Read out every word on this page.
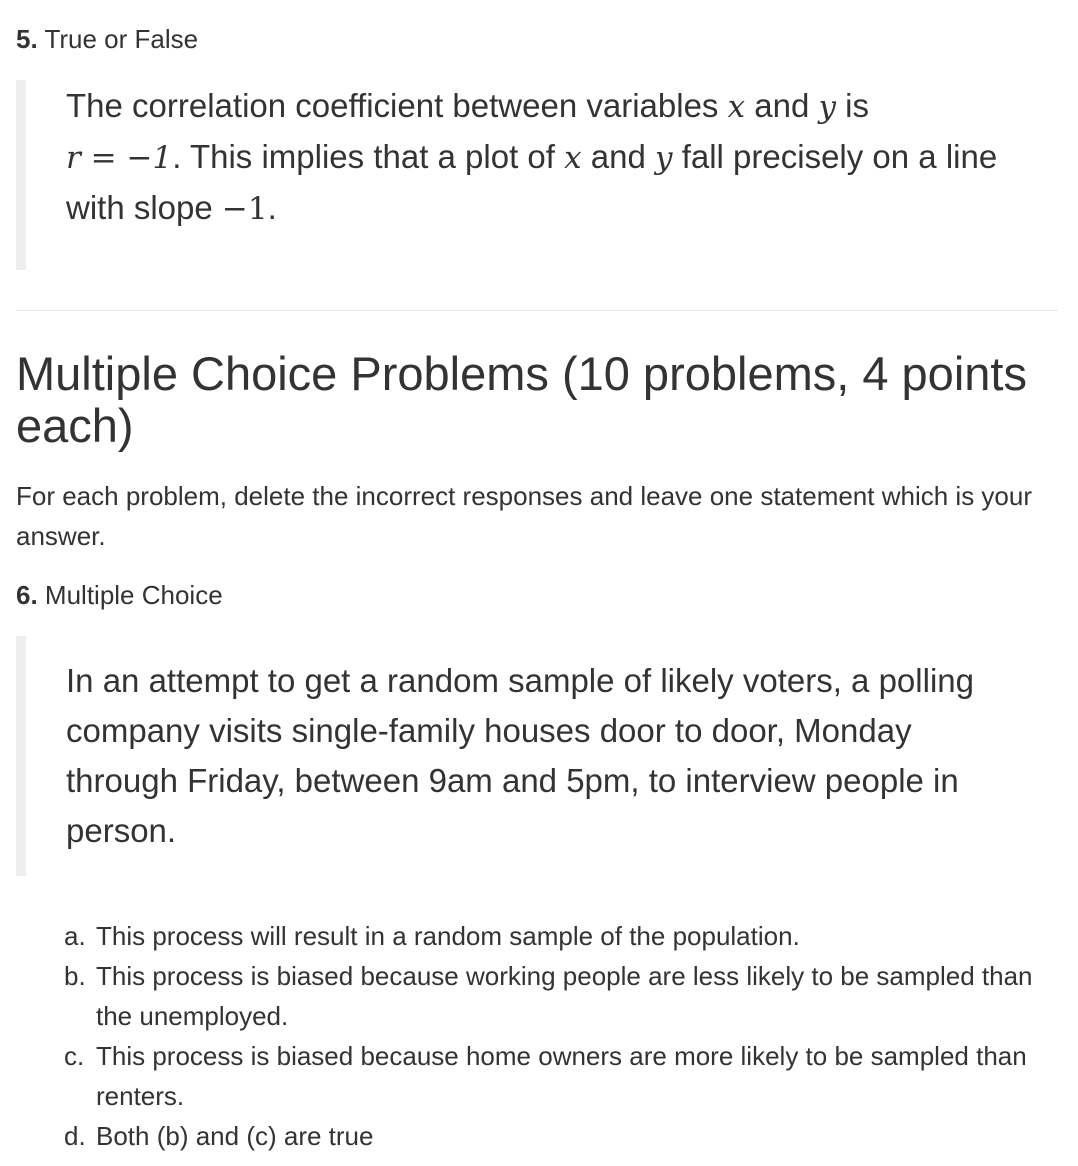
5. True or False

The correlation coefficient between variables x and y is
r = −1. This implies that a plot of x and y fall precisely on a line with slope −1.

Multiple Choice Problems (10 problems, 4 points each)

For each problem, delete the incorrect responses and leave one statement which is your answer.

6. Multiple Choice

In an attempt to get a random sample of likely voters, a polling company visits single-family houses door to door, Monday through Friday, between 9am and 5pm, to interview people in person.

a. This process will result in a random sample of the population.
b. This process is biased because working people are less likely to be sampled than the unemployed.
c. This process is biased because home owners are more likely to be sampled than renters.
d. Both (b) and (c) are true
